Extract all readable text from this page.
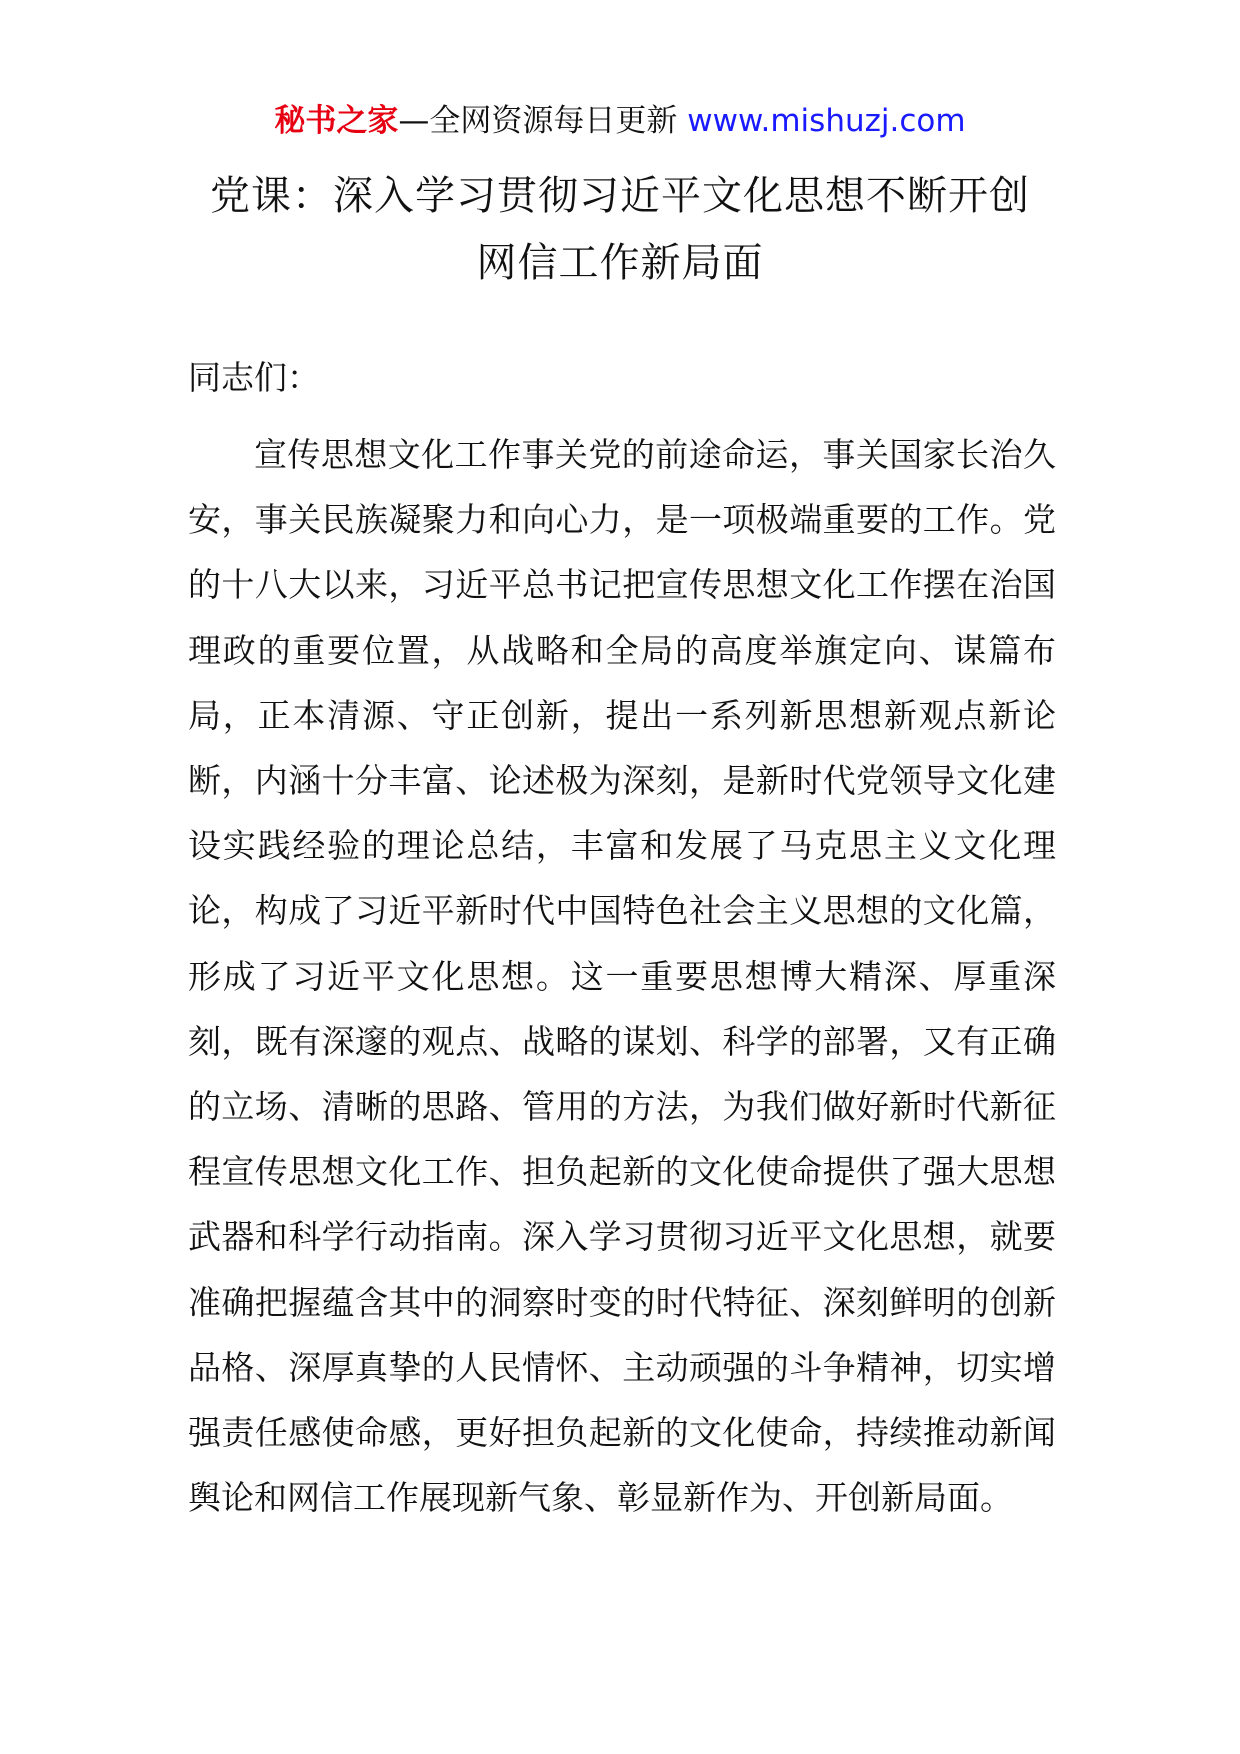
秘书之家—全网资源每日更新 www.mishuzj.com
党课：深入学习贯彻习近平文化思想不断开创
网信工作新局面
同志们：

宣传思想文化工作事关党的前途命运，事关国家长治久安，事关民族凝聚力和向心力，是一项极端重要的工作。党的十八大以来，习近平总书记把宣传思想文化工作摆在治国理政的重要位置，从战略和全局的高度举旗定向、谋篇布局，正本清源、守正创新，提出一系列新思想新观点新论断，内涵十分丰富、论述极为深刻，是新时代党领导文化建设实践经验的理论总结，丰富和发展了马克思主义文化理论，构成了习近平新时代中国特色社会主义思想的文化篇，形成了习近平文化思想。这一重要思想博大精深、厚重深刻，既有深邃的观点、战略的谋划、科学的部署，又有正确的立场、清晰的思路、管用的方法，为我们做好新时代新征程宣传思想文化工作、担负起新的文化使命提供了强大思想武器和科学行动指南。深入学习贯彻习近平文化思想，就要准确把握蕴含其中的洞察时变的时代特征、深刻鲜明的创新品格、深厚真挚的人民情怀、主动顽强的斗争精神，切实增强责任感使命感，更好担负起新的文化使命，持续推动新闻舆论和网信工作展现新气象、彰显新作为、开创新局面。
